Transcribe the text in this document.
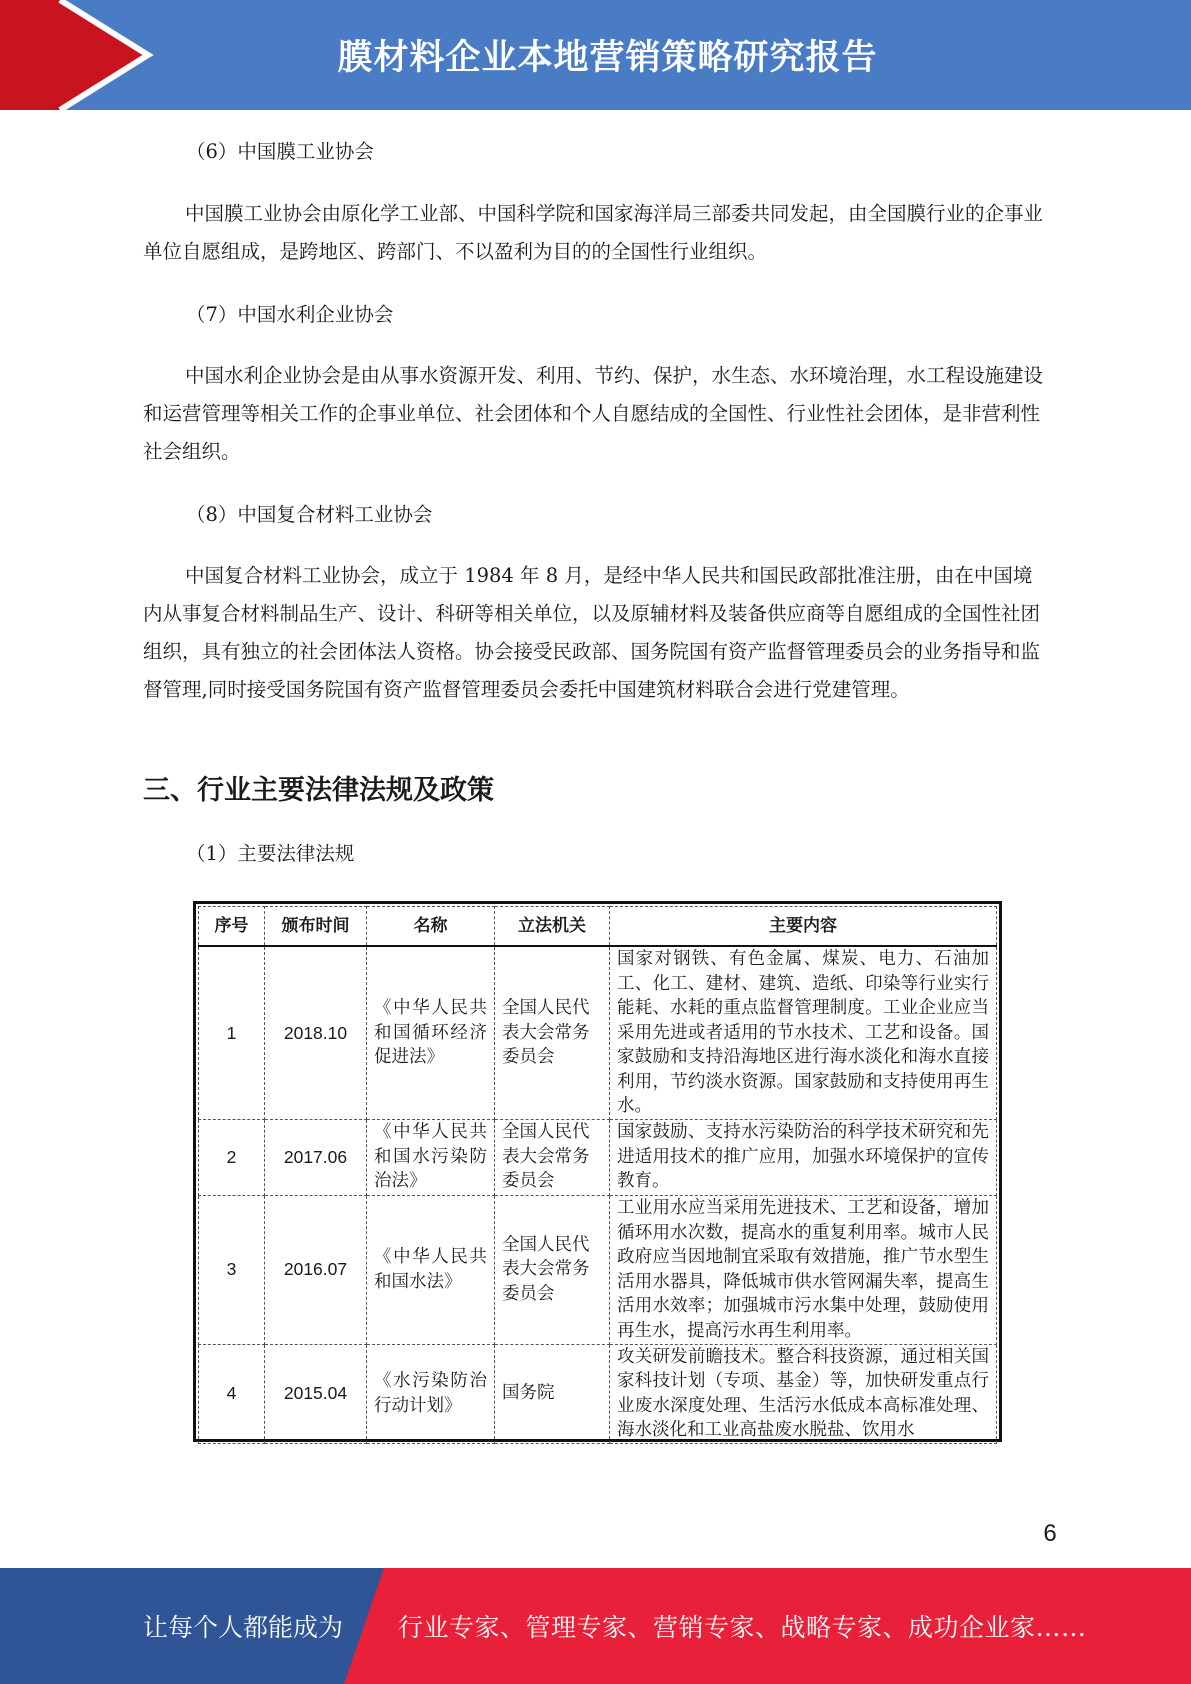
膜材料企业本地营销策略研究报告

（6）中国膜工业协会

中国膜工业协会由原化学工业部、中国科学院和国家海洋局三部委共同发起，由全国膜行业的企事业单位自愿组成，是跨地区、跨部门、不以盈利为目的的全国性行业组织。

（7）中国水利企业协会

中国水利企业协会是由从事水资源开发、利用、节约、保护，水生态、水环境治理，水工程设施建设和运营管理等相关工作的企事业单位、社会团体和个人自愿结成的全国性、行业性社会团体，是非营利性社会组织。

（8）中国复合材料工业协会

中国复合材料工业协会，成立于 1984 年 8 月，是经中华人民共和国民政部批准注册，由在中国境内从事复合材料制品生产、设计、科研等相关单位，以及原辅材料及装备供应商等自愿组成的全国性社团组织，具有独立的社会团体法人资格。协会接受民政部、国务院国有资产监督管理委员会的业务指导和监督管理,同时接受国务院国有资产监督管理委员会委托中国建筑材料联合会进行党建管理。

三、行业主要法律法规及政策

（1）主要法律法规

序号	颁布时间	名称	立法机关	主要内容
1	2018.10	《中华人民共和国循环经济促进法》	全国人民代表大会常务委员会	国家对钢铁、有色金属、煤炭、电力、石油加工、化工、建材、建筑、造纸、印染等行业实行能耗、水耗的重点监督管理制度。工业企业应当采用先进或者适用的节水技术、工艺和设备。国家鼓励和支持沿海地区进行海水淡化和海水直接利用，节约淡水资源。国家鼓励和支持使用再生水。
2	2017.06	《中华人民共和国水污染防治法》	全国人民代表大会常务委员会	国家鼓励、支持水污染防治的科学技术研究和先进适用技术的推广应用，加强水环境保护的宣传教育。
3	2016.07	《中华人民共和国水法》	全国人民代表大会常务委员会	工业用水应当采用先进技术、工艺和设备，增加循环用水次数，提高水的重复利用率。城市人民政府应当因地制宜采取有效措施，推广节水型生活用水器具，降低城市供水管网漏失率，提高生活用水效率；加强城市污水集中处理，鼓励使用再生水，提高污水再生利用率。
4	2015.04	《水污染防治行动计划》	国务院	攻关研发前瞻技术。整合科技资源，通过相关国家科技计划（专项、基金）等，加快研发重点行业废水深度处理、生活污水低成本高标准处理、海水淡化和工业高盐废水脱盐、饮用水
6
让每个人都能成为 行业专家、管理专家、营销专家、战略专家、成功企业家……
